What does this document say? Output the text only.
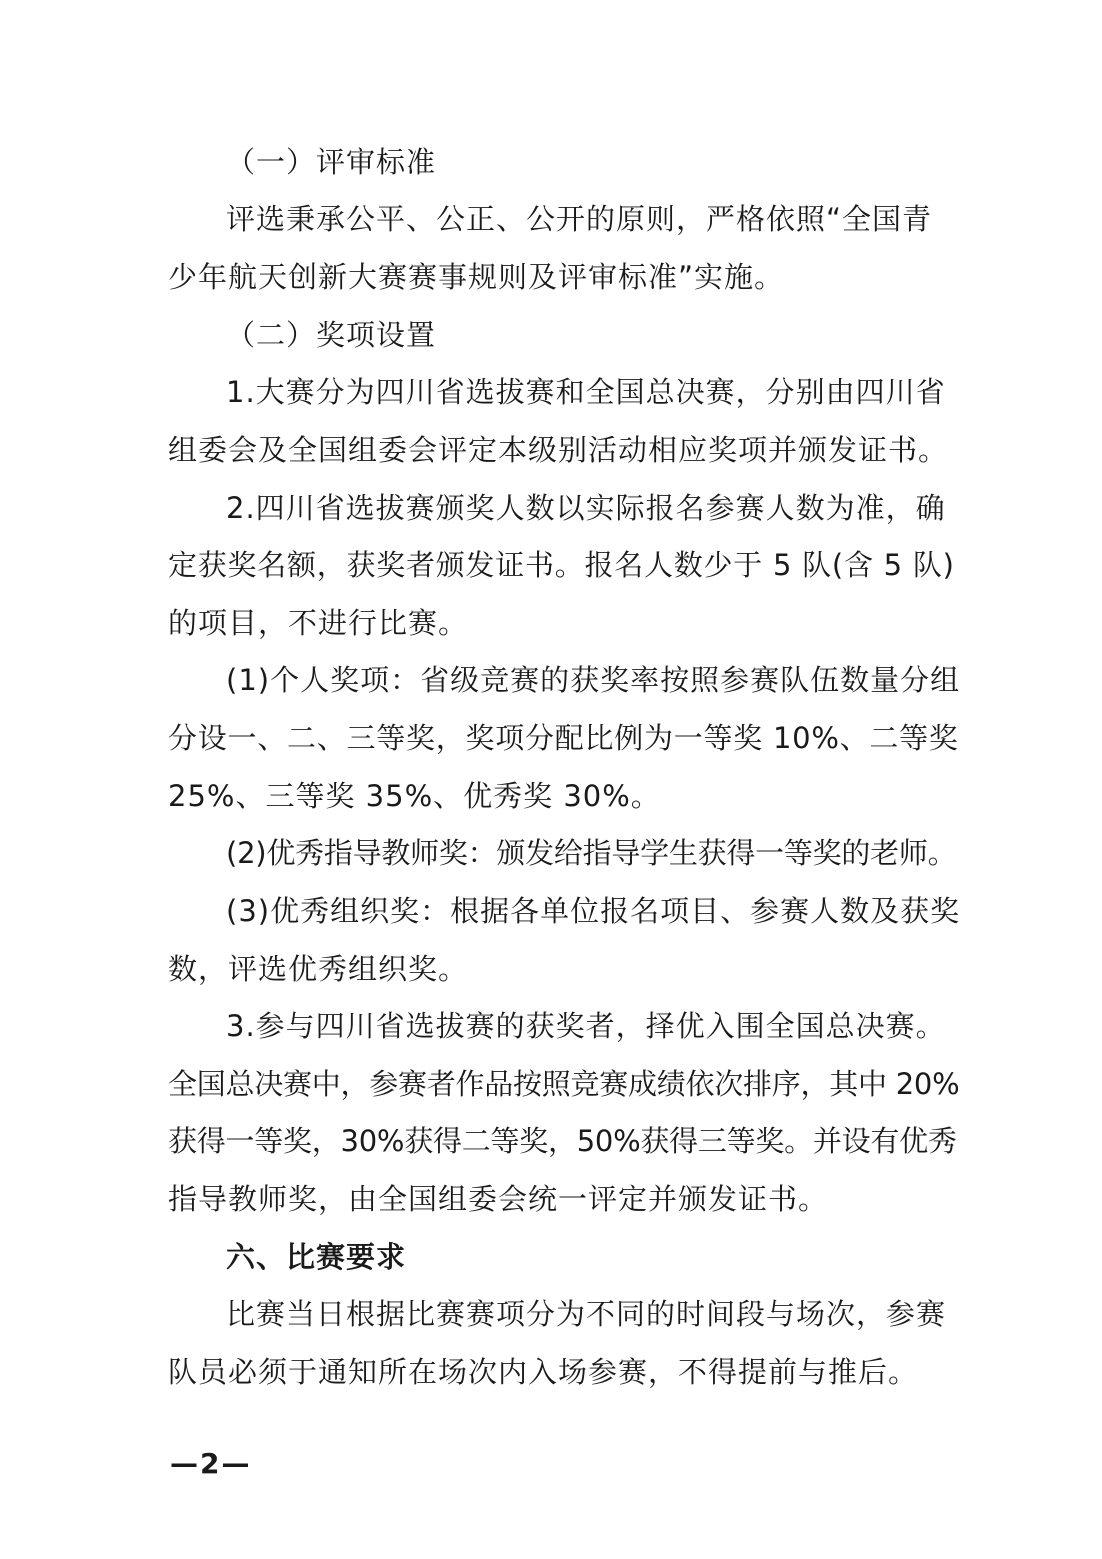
（一）评审标准

评选秉承公平、公正、公开的原则，严格依照“全国青

少年航天创新大赛赛事规则及评审标准”实施。

（二）奖项设置

1.大赛分为四川省选拔赛和全国总决赛，分别由四川省

组委会及全国组委会评定本级别活动相应奖项并颁发证书。

2.四川省选拔赛颁奖人数以实际报名参赛人数为准，确

定获奖名额，获奖者颁发证书。报名人数少于 5 队(含 5 队)

的项目，不进行比赛。

(1)个人奖项：省级竞赛的获奖率按照参赛队伍数量分组

分设一、二、三等奖，奖项分配比例为一等奖 10%、二等奖

25%、三等奖 35%、优秀奖 30%。

(2)优秀指导教师奖：颁发给指导学生获得一等奖的老师。

(3)优秀组织奖：根据各单位报名项目、参赛人数及获奖

数，评选优秀组织奖。

3.参与四川省选拔赛的获奖者，择优入围全国总决赛。

全国总决赛中，参赛者作品按照竞赛成绩依次排序，其中 20%

获得一等奖，30%获得二等奖，50%获得三等奖。并设有优秀

指导教师奖，由全国组委会统一评定并颁发证书。

六、比赛要求

比赛当日根据比赛赛项分为不同的时间段与场次，参赛

队员必须于通知所在场次内入场参赛，不得提前与推后。

—2—
